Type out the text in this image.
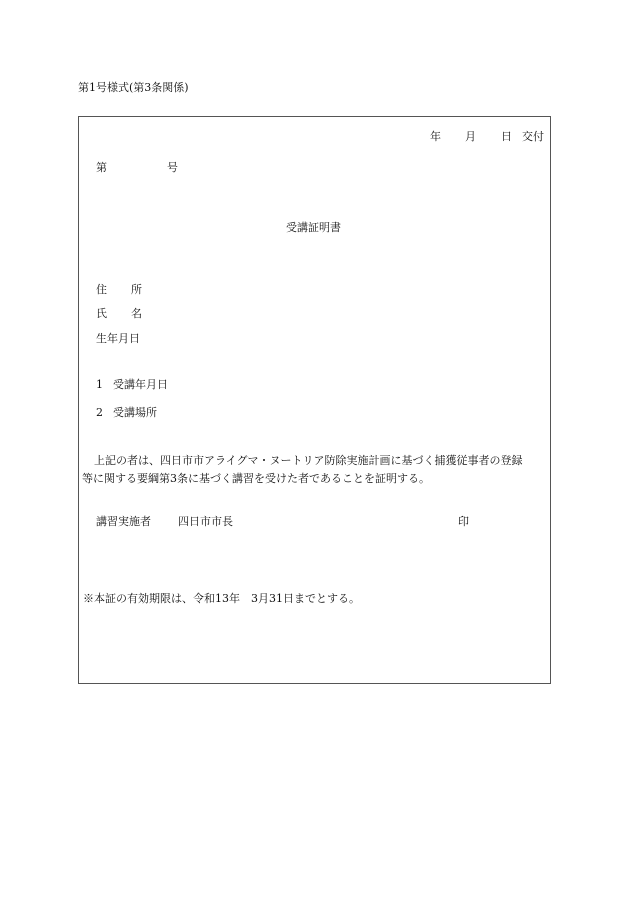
第1号様式(第3条関係)
年 月 日 交付
第	号
受講証明書
住 所
氏 名
生年月日
1 受講年月日
2 受講場所
上記の者は、四日市市アライグマ・ヌートリア防除実施計画に基づく捕獲従事者の登録等に関する要綱第3条に基づく講習を受けた者であることを証明する。
講習実施者 四日市市長	印
※本証の有効期限は、令和13年　3月31日までとする。
